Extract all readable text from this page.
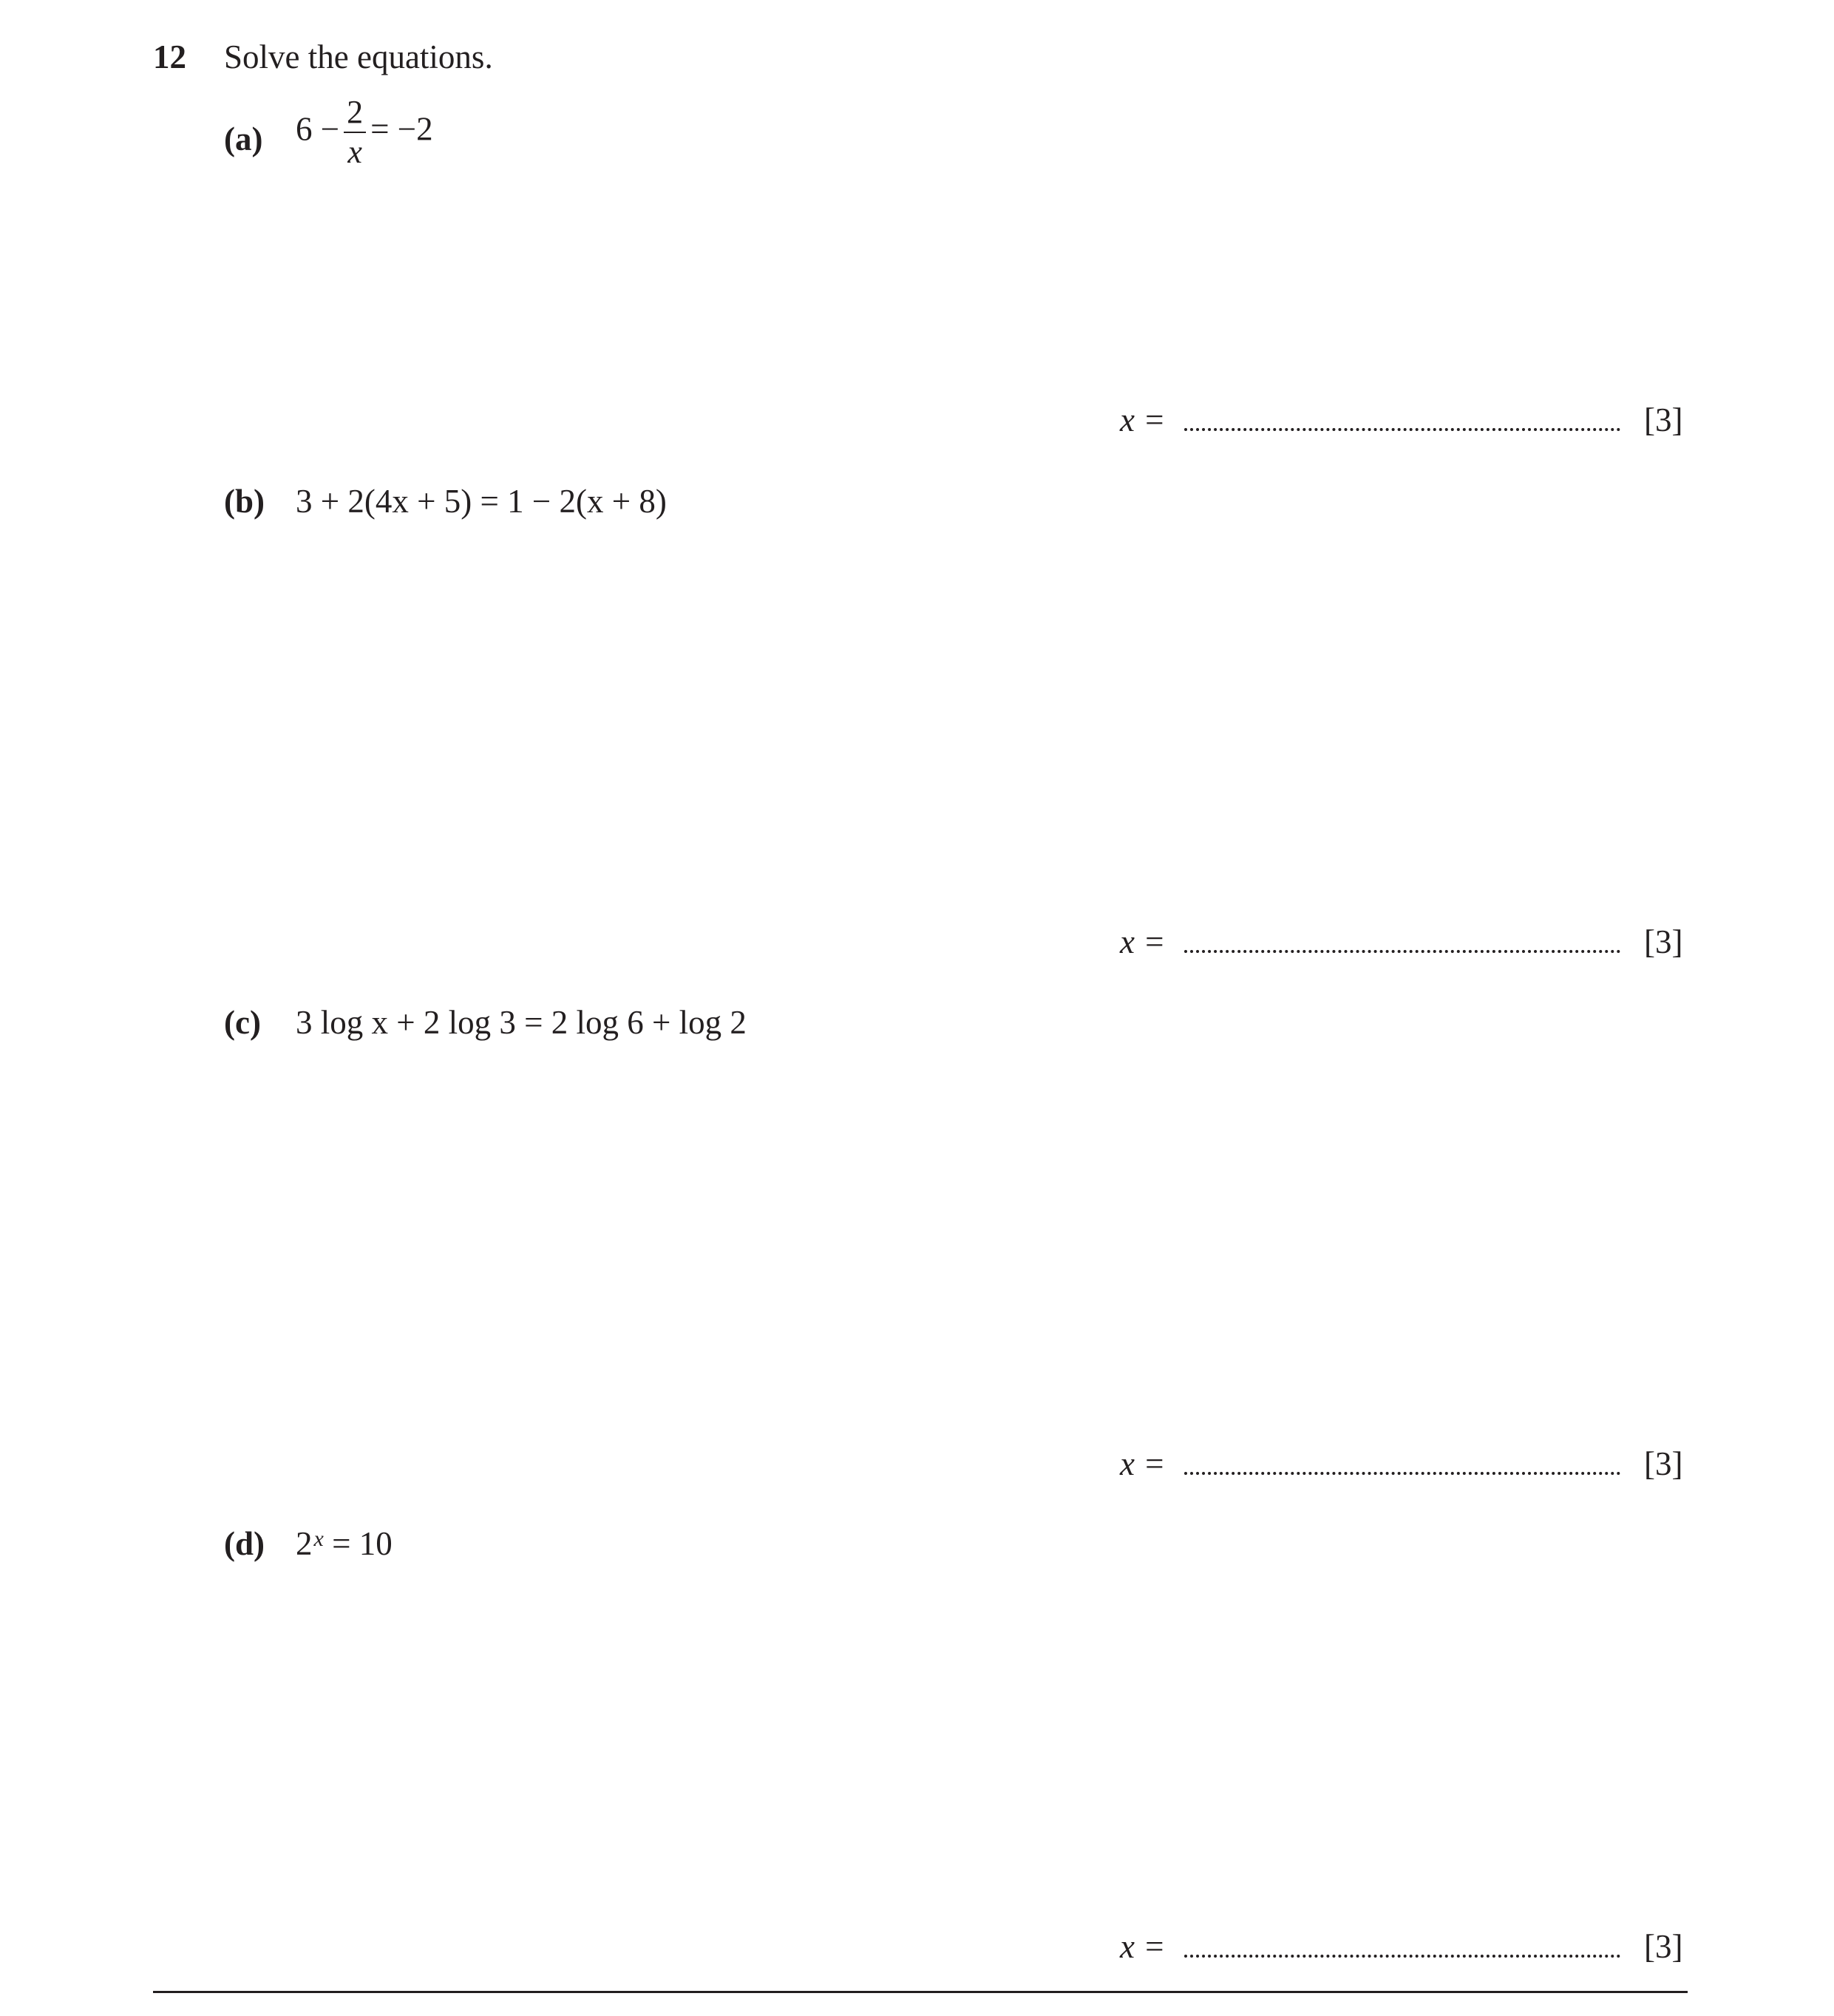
12 Solve the equations.
(a) $6 - \frac{2}{x} = -2$
x =	[3]
(b) 3 + 2(4x + 5) = 1 − 2(x + 8)
x =	[3]
(c) 3 log x + 2 log 3 = 2 log 6 + log 2
x =	[3]
(d) $2^x = 10$
x =	[3]
